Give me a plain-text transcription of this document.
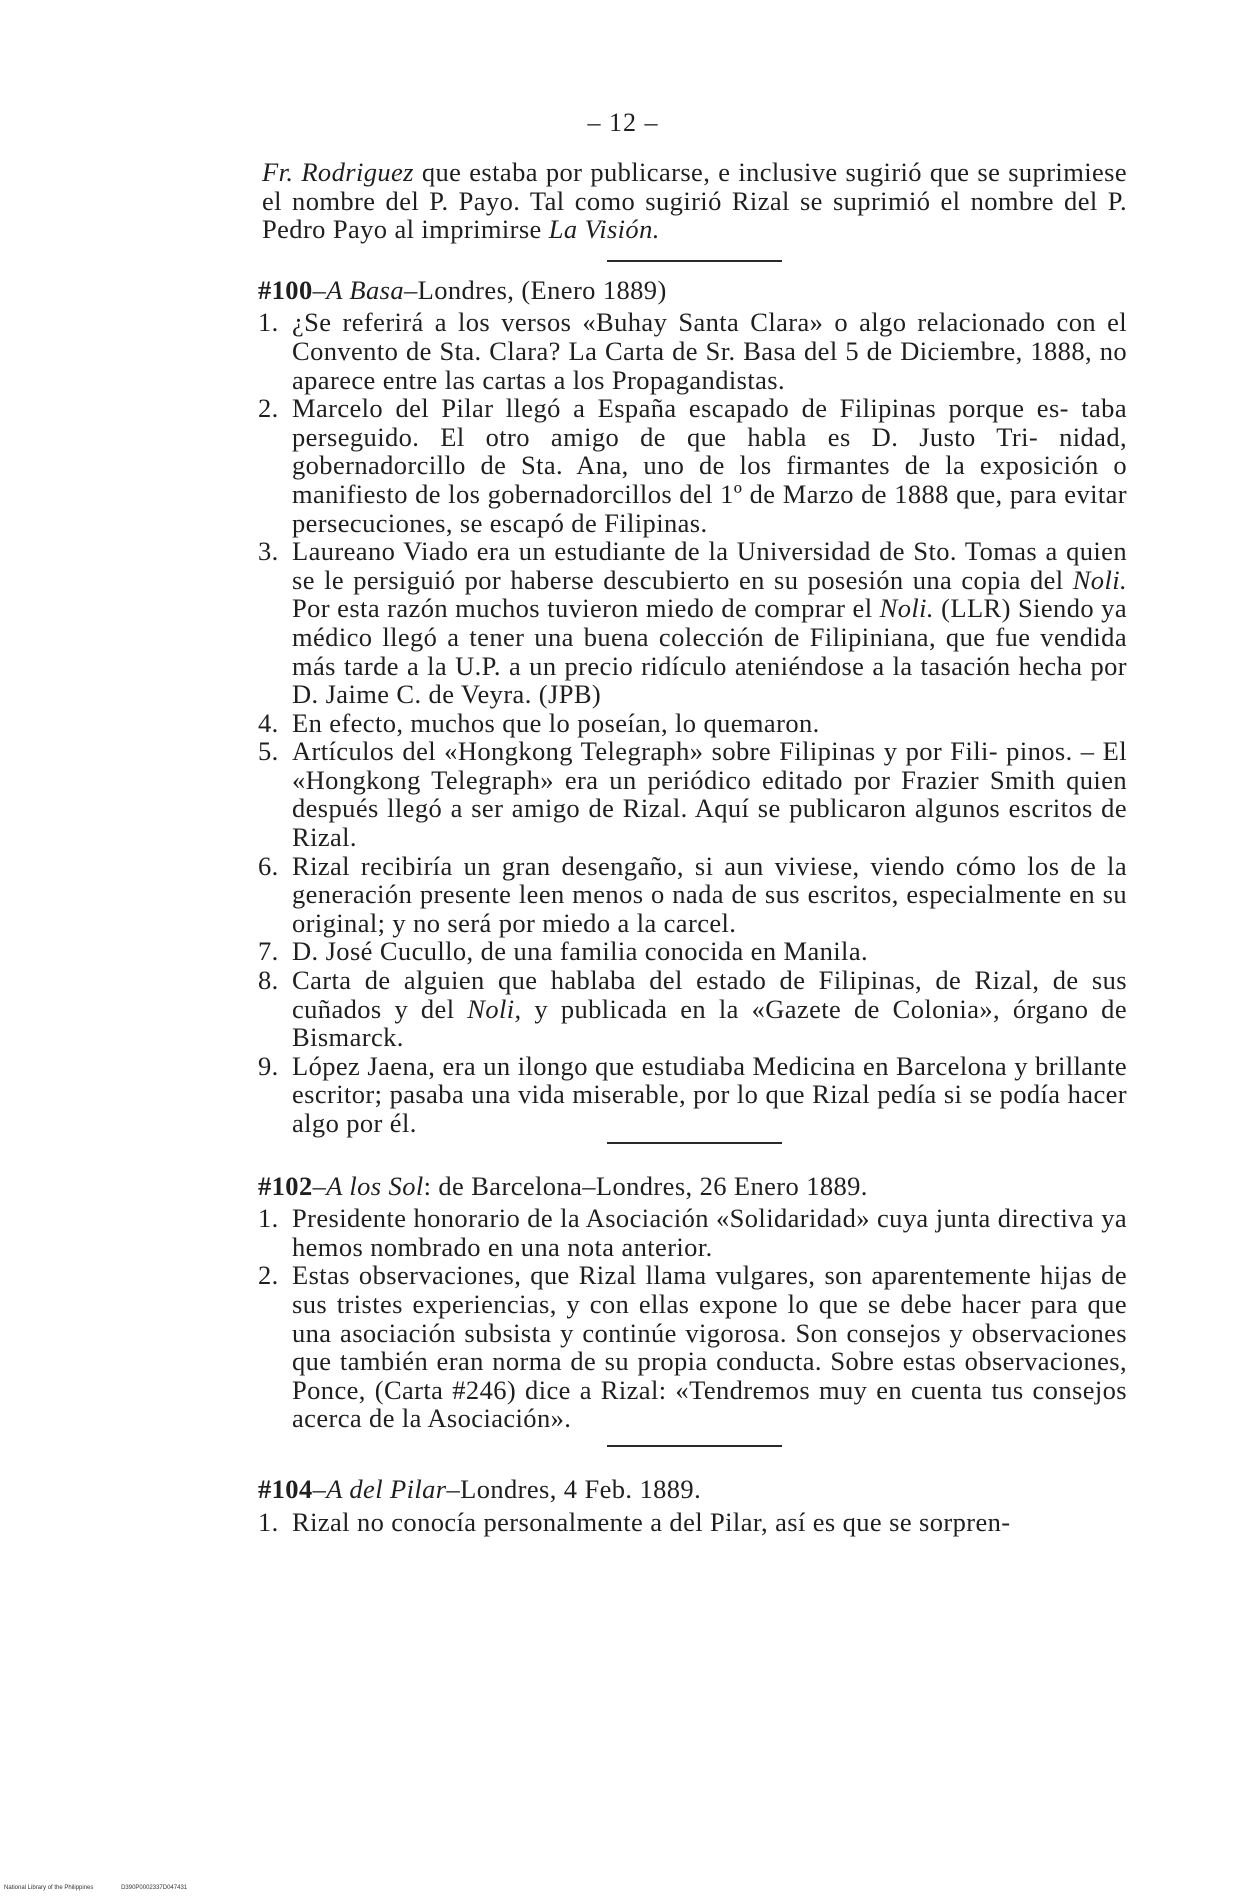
– 12 –

Fr. Rodriguez que estaba por publicarse, e inclusive sugirió que se suprimiese el nombre del P. Payo. Tal como sugirió Rizal se suprimió el nombre del P. Pedro Payo al imprimirse La Visión.

#100–A Basa–Londres, (Enero 1889)
1. ¿Se referirá a los versos «Buhay Santa Clara» o algo relacionado con el Convento de Sta. Clara? La Carta de Sr. Basa del 5 de Diciembre, 1888, no aparece entre las cartas a los Propagandistas.
2. Marcelo del Pilar llegó a España escapado de Filipinas porque es- taba perseguido. El otro amigo de que habla es D. Justo Tri- nidad, gobernadorcillo de Sta. Ana, uno de los firmantes de la exposición o manifiesto de los gobernadorcillos del 1º de Marzo de 1888 que, para evitar persecuciones, se escapó de Filipinas.
3. Laureano Viado era un estudiante de la Universidad de Sto. Tomas a quien se le persiguió por haberse descubierto en su posesión una copia del Noli. Por esta razón muchos tuvieron miedo de comprar el Noli. (LLR) Siendo ya médico llegó a tener una buena colección de Filipiniana, que fue vendida más tarde a la U.P. a un precio ridículo ateniéndose a la tasación hecha por D. Jaime C. de Veyra. (JPB)
4. En efecto, muchos que lo poseían, lo quemaron.
5. Artículos del «Hongkong Telegraph» sobre Filipinas y por Fili- pinos. – El «Hongkong Telegraph» era un periódico editado por Frazier Smith quien después llegó a ser amigo de Rizal. Aquí se publicaron algunos escritos de Rizal.
6. Rizal recibiría un gran desengaño, si aun viviese, viendo cómo los de la generación presente leen menos o nada de sus escritos, especialmente en su original; y no será por miedo a la carcel.
7. D. José Cucullo, de una familia conocida en Manila.
8. Carta de alguien que hablaba del estado de Filipinas, de Rizal, de sus cuñados y del Noli, y publicada en la «Gazete de Colonia», órgano de Bismarck.
9. López Jaena, era un ilongo que estudiaba Medicina en Barcelona y brillante escritor; pasaba una vida miserable, por lo que Rizal pedía si se podía hacer algo por él.
#102–A los Sol: de Barcelona–Londres, 26 Enero 1889.
1. Presidente honorario de la Asociación «Solidaridad» cuya junta directiva ya hemos nombrado en una nota anterior.
2. Estas observaciones, que Rizal llama vulgares, son aparentemente hijas de sus tristes experiencias, y con ellas expone lo que se debe hacer para que una asociación subsista y continúe vigorosa. Son consejos y observaciones que también eran norma de su propia conducta. Sobre estas observaciones, Ponce, (Carta #246) dice a Rizal: «Tendremos muy en cuenta tus consejos acerca de la Asociación».
#104–A del Pilar–Londres, 4 Feb. 1889.
1. Rizal no conocía personalmente a del Pilar, así es que se sorpren-
National Library of the Philippines	D390P0002337D047431
